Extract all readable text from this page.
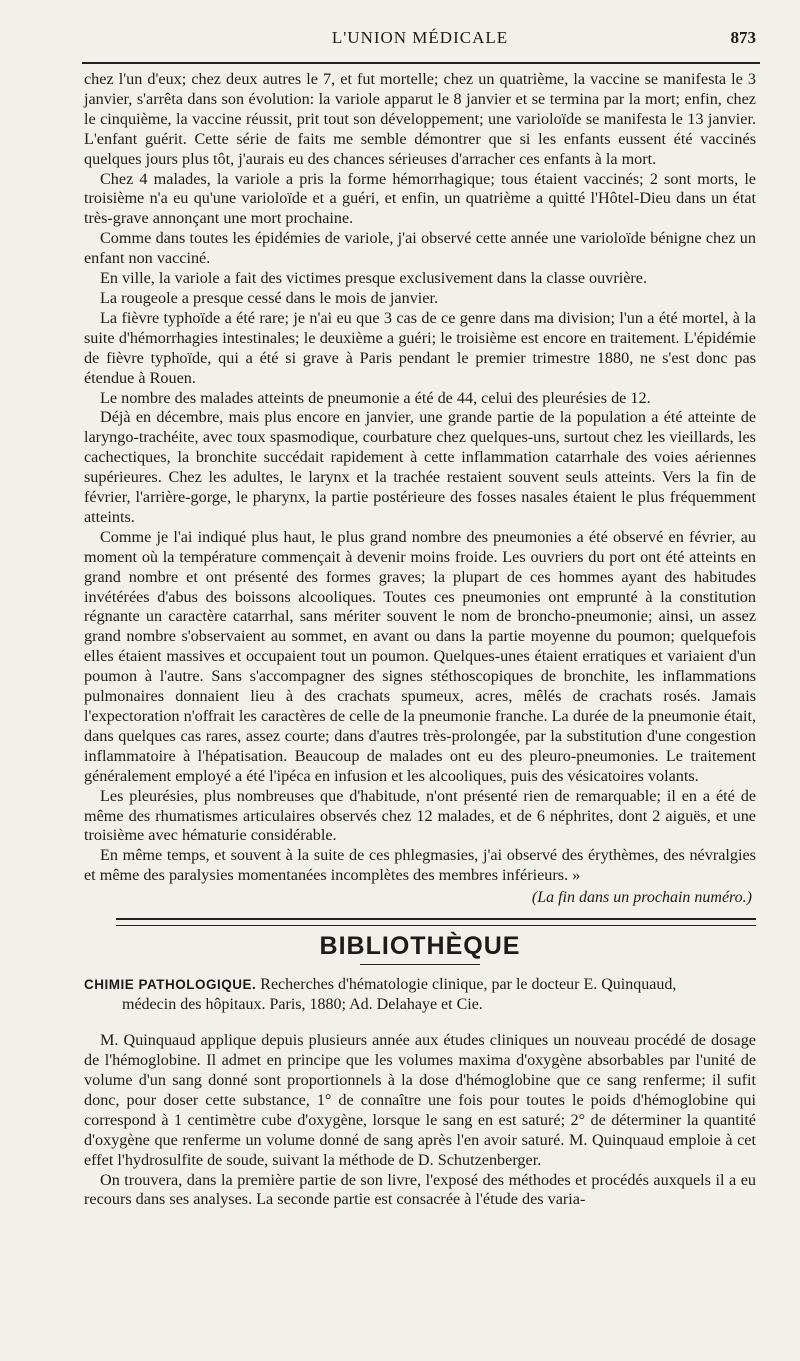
L'UNION MÉDICALE	873

chez l'un d'eux; chez deux autres le 7, et fut mortelle; chez un quatrième, la vaccine se manifesta le 3 janvier, s'arrêta dans son évolution: la variole apparut le 8 janvier et se termina par la mort; enfin, chez le cinquième, la vaccine réussit, prit tout son développement; une varioloïde se manifesta le 13 janvier. L'enfant guérit. Cette série de faits me semble démontrer que si les enfants eussent été vaccinés quelques jours plus tôt, j'aurais eu des chances sérieuses d'arracher ces enfants à la mort.

Chez 4 malades, la variole a pris la forme hémorrhagique; tous étaient vaccinés; 2 sont morts, le troisième n'a eu qu'une varioloïde et a guéri, et enfin, un quatrième a quitté l'Hôtel-Dieu dans un état très-grave annonçant une mort prochaine.

Comme dans toutes les épidémies de variole, j'ai observé cette année une varioloïde bénigne chez un enfant non vacciné.

En ville, la variole a fait des victimes presque exclusivement dans la classe ouvrière.

La rougeole a presque cessé dans le mois de janvier.

La fièvre typhoïde a été rare; je n'ai eu que 3 cas de ce genre dans ma division; l'un a été mortel, à la suite d'hémorrhagies intestinales; le deuxième a guéri; le troisième est encore en traitement. L'épidémie de fièvre typhoïde, qui a été si grave à Paris pendant le premier trimestre 1880, ne s'est donc pas étendue à Rouen.

Le nombre des malades atteints de pneumonie a été de 44, celui des pleurésies de 12.

Déjà en décembre, mais plus encore en janvier, une grande partie de la population a été atteinte de laryngo-trachéite, avec toux spasmodique, courbature chez quelques-uns, surtout chez les vieillards, les cachectiques, la bronchite succédait rapidement à cette inflammation catarrhale des voies aériennes supérieures. Chez les adultes, le larynx et la trachée restaient souvent seuls atteints. Vers la fin de février, l'arrière-gorge, le pharynx, la partie postérieure des fosses nasales étaient le plus fréquemment atteints.

Comme je l'ai indiqué plus haut, le plus grand nombre des pneumonies a été observé en février, au moment où la température commençait à devenir moins froide. Les ouvriers du port ont été atteints en grand nombre et ont présenté des formes graves; la plupart de ces hommes ayant des habitudes invétérées d'abus des boissons alcooliques. Toutes ces pneumonies ont emprunté à la constitution régnante un caractère catarrhal, sans mériter souvent le nom de broncho-pneumonie; ainsi, un assez grand nombre s'observaient au sommet, en avant ou dans la partie moyenne du poumon; quelquefois elles étaient massives et occupaient tout un poumon. Quelques-unes étaient erratiques et variaient d'un poumon à l'autre. Sans s'accompagner des signes stéthoscopiques de bronchite, les inflammations pulmonaires donnaient lieu à des crachats spumeux, acres, mêlés de crachats rosés. Jamais l'expectoration n'offrait les caractères de celle de la pneumonie franche. La durée de la pneumonie était, dans quelques cas rares, assez courte; dans d'autres très-prolongée, par la substitution d'une congestion inflammatoire à l'hépatisation. Beaucoup de malades ont eu des pleuro-pneumonies. Le traitement généralement employé a été l'ipéca en infusion et les alcooliques, puis des vésicatoires volants.

Les pleurésies, plus nombreuses que d'habitude, n'ont présenté rien de remarquable; il en a été de même des rhumatismes articulaires observés chez 12 malades, et de 6 néphrites, dont 2 aiguës, et une troisième avec hématurie considérable.

En même temps, et souvent à la suite de ces phlegmasies, j'ai observé des érythèmes, des névralgies et même des paralysies momentanées incomplètes des membres inférieurs. »

(La fin dans un prochain numéro.)
BIBLIOTHÈQUE
CHIMIE PATHOLOGIQUE. Recherches d'hématologie clinique, par le docteur E. Quinquaud,
médecin des hôpitaux. Paris, 1880; Ad. Delahaye et Cie.

M. Quinquaud applique depuis plusieurs année aux études cliniques un nouveau procédé de dosage de l'hémoglobine. Il admet en principe que les volumes maxima d'oxygène absorbables par l'unité de volume d'un sang donné sont proportionnels à la dose d'hémoglobine que ce sang renferme; il sufit donc, pour doser cette substance, 1° de connaître une fois pour toutes le poids d'hémoglobine qui correspond à 1 centimètre cube d'oxygène, lorsque le sang en est saturé; 2° de déterminer la quantité d'oxygène que renferme un volume donné de sang après l'en avoir saturé. M. Quinquaud emploie à cet effet l'hydrosulfite de soude, suivant la méthode de D. Schutzenberger.

On trouvera, dans la première partie de son livre, l'exposé des méthodes et procédés auxquels il a eu recours dans ses analyses. La seconde partie est consacrée à l'étude des varia-
